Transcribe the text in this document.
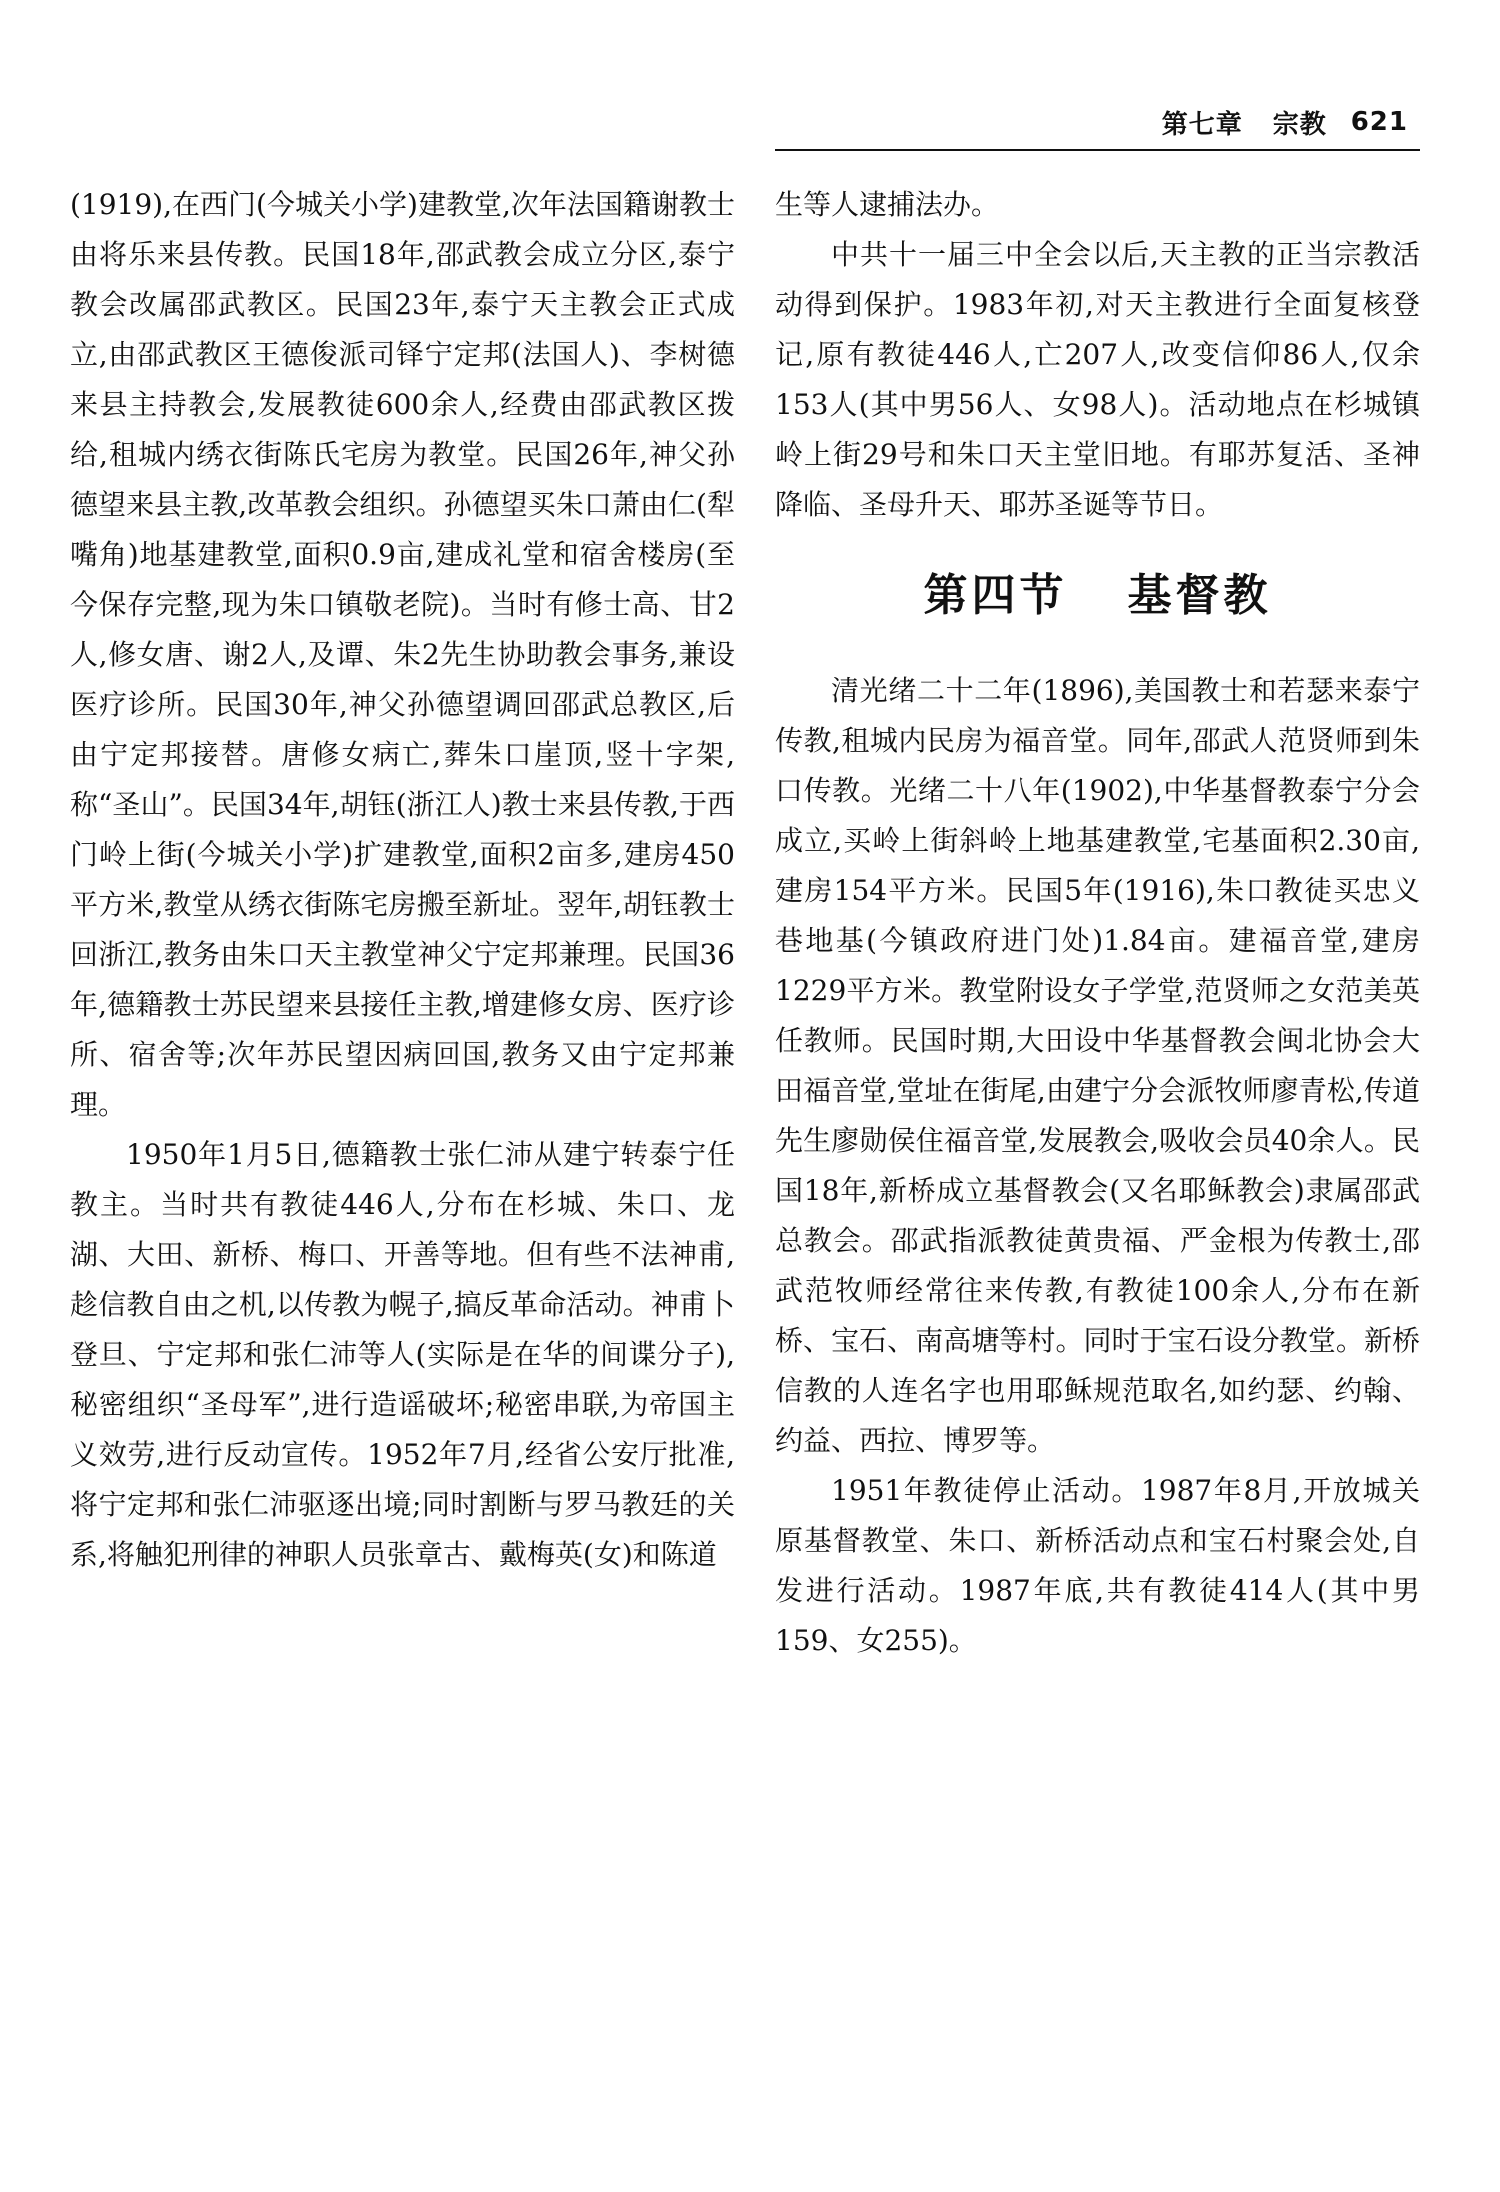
第七章 宗教 621

(1919),在西门(今城关小学)建教堂,次年法国籍谢教士由将乐来县传教。民国18年,邵武教会成立分区,泰宁教会改属邵武教区。民国23年,泰宁天主教会正式成立,由邵武教区王德俊派司铎宁定邦(法国人)、李树德来县主持教会,发展教徒600余人,经费由邵武教区拨给,租城内绣衣街陈氏宅房为教堂。民国26年,神父孙德望来县主教,改革教会组织。孙德望买朱口萧由仁(犁嘴角)地基建教堂,面积0.9亩,建成礼堂和宿舍楼房(至今保存完整,现为朱口镇敬老院)。当时有修士高、甘2人,修女唐、谢2人,及谭、朱2先生协助教会事务,兼设医疗诊所。民国30年,神父孙德望调回邵武总教区,后由宁定邦接替。唐修女病亡,葬朱口崖顶,竖十字架,称“圣山”。民国34年,胡钰(浙江人)教士来县传教,于西门岭上街(今城关小学)扩建教堂,面积2亩多,建房450平方米,教堂从绣衣街陈宅房搬至新址。翌年,胡钰教士回浙江,教务由朱口天主教堂神父宁定邦兼理。民国36年,德籍教士苏民望来县接任主教,增建修女房、医疗诊所、宿舍等;次年苏民望因病回国,教务又由宁定邦兼理。

1950年1月5日,德籍教士张仁沛从建宁转泰宁任教主。当时共有教徒446人,分布在杉城、朱口、龙湖、大田、新桥、梅口、开善等地。但有些不法神甫,趁信教自由之机,以传教为幌子,搞反革命活动。神甫卜登旦、宁定邦和张仁沛等人(实际是在华的间谍分子),秘密组织“圣母军”,进行造谣破坏;秘密串联,为帝国主义效劳,进行反动宣传。1952年7月,经省公安厅批准,将宁定邦和张仁沛驱逐出境;同时割断与罗马教廷的关系,将触犯刑律的神职人员张章古、戴梅英(女)和陈道

生等人逮捕法办。

中共十一届三中全会以后,天主教的正当宗教活动得到保护。1983年初,对天主教进行全面复核登记,原有教徒446人,亡207人,改变信仰86人,仅余153人(其中男56人、女98人)。活动地点在杉城镇岭上街29号和朱口天主堂旧地。有耶苏复活、圣神降临、圣母升天、耶苏圣诞等节日。

第四节 基督教

清光绪二十二年(1896),美国教士和若瑟来泰宁传教,租城内民房为福音堂。同年,邵武人范贤师到朱口传教。光绪二十八年(1902),中华基督教泰宁分会成立,买岭上街斜岭上地基建教堂,宅基面积2.30亩,建房154平方米。民国5年(1916),朱口教徒买忠义巷地基(今镇政府进门处)1.84亩。建福音堂,建房1229平方米。教堂附设女子学堂,范贤师之女范美英任教师。民国时期,大田设中华基督教会闽北协会大田福音堂,堂址在街尾,由建宁分会派牧师廖青松,传道先生廖勋侯住福音堂,发展教会,吸收会员40余人。民国18年,新桥成立基督教会(又名耶稣教会)隶属邵武总教会。邵武指派教徒黄贵福、严金根为传教士,邵武范牧师经常往来传教,有教徒100余人,分布在新桥、宝石、南高塘等村。同时于宝石设分教堂。新桥信教的人连名字也用耶稣规范取名,如约瑟、约翰、约益、西拉、博罗等。

1951年教徒停止活动。1987年8月,开放城关原基督教堂、朱口、新桥活动点和宝石村聚会处,自发进行活动。1987年底,共有教徒414人(其中男159、女255)。
